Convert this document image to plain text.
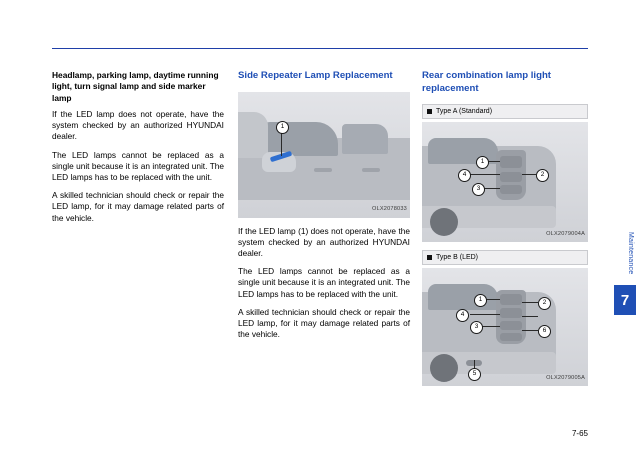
Headlamp, parking lamp, daytime running light, turn signal lamp and side marker lamp

If the LED lamp does not operate, have the system checked by an authorized HYUNDAI dealer.

The LED lamps cannot be replaced as a single unit because it is an integrated unit. The LED lamps has to be replaced with the unit.

A skilled technician should check or repair the LED lamp, for it may damage related parts of the vehicle.

Side Repeater Lamp Replacement
1
OLX2078033

If the LED lamp (1) does not operate, have the system checked by an authorized HYUNDAI dealer.

The LED lamps cannot be replaced as a single unit because it is an integrated unit. The LED lamps has to be replaced with the unit.

A skilled technician should check or repair the LED lamp, for it may damage related parts of the vehicle.

Rear combination lamp light replacement
Type A (Standard)
1
2
3
4
OLX2079004A
Type B (LED)
1	2
3
4
5
6
OLX2079005A
Maintenance
7
7-65
